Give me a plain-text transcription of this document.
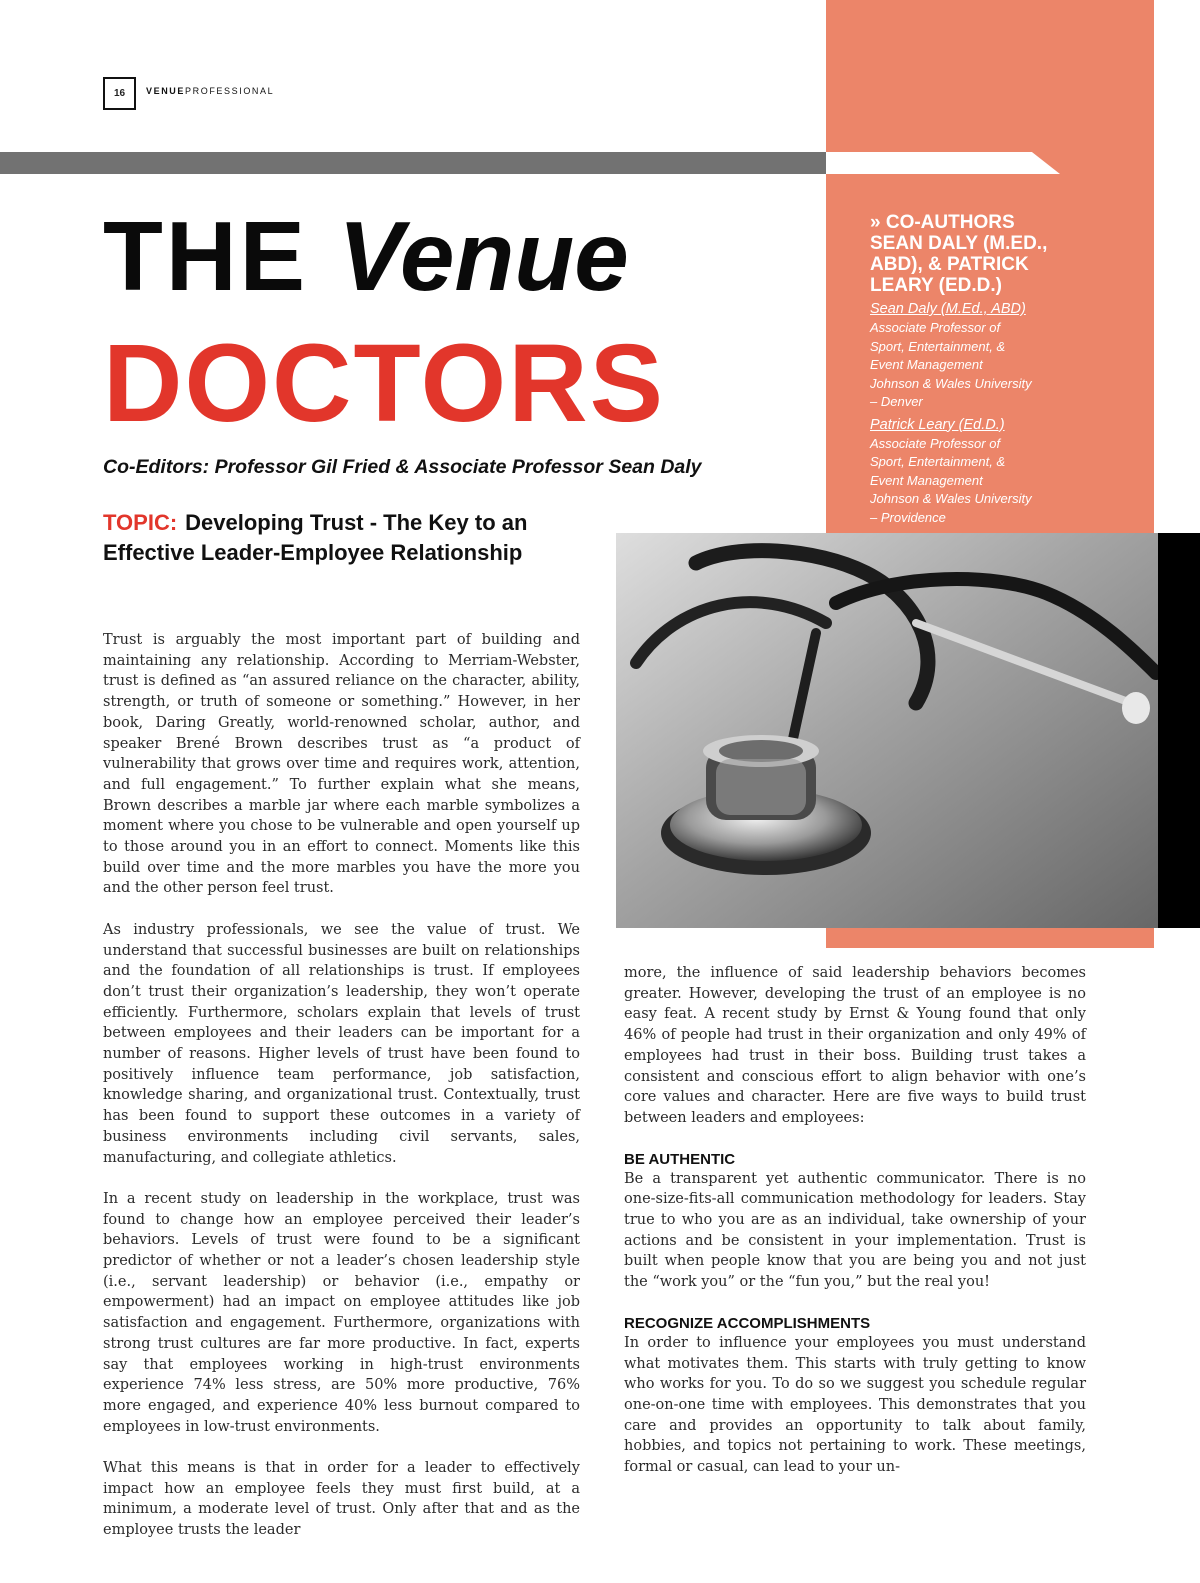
16	VENUEPROFESSIONAL
THE Venue
DOCTORS
Co-Editors: Professor Gil Fried & Associate Professor Sean Daly
TOPIC: Developing Trust - The Key to an Effective Leader-Employee Relationship
» CO-AUTHORS
SEAN DALY (M.ED.,
ABD), & PATRICK
LEARY (ED.D.)
Sean Daly (M.Ed., ABD)
Associate Professor of
Sport, Entertainment, &
Event Management
Johnson & Wales University
– Denver
Patrick Leary (Ed.D.)
Associate Professor of
Sport, Entertainment, &
Event Management
Johnson & Wales University
– Providence

Trust is arguably the most important part of building and maintaining any relationship. According to Merriam-Webster, trust is defined as “an assured reliance on the character, ability, strength, or truth of someone or something.” However, in her book, Daring Greatly, world-renowned scholar, author, and speaker Brené Brown describes trust as “a product of vulnerability that grows over time and requires work, attention, and full engagement.” To further explain what she means, Brown describes a marble jar where each marble symbolizes a moment where you chose to be vulnerable and open yourself up to those around you in an effort to connect. Moments like this build over time and the more marbles you have the more you and the other person feel trust.

As industry professionals, we see the value of trust. We understand that successful businesses are built on relationships and the foundation of all relationships is trust. If employees don’t trust their organization’s leadership, they won’t operate efficiently. Furthermore, scholars explain that levels of trust between employees and their leaders can be important for a number of reasons. Higher levels of trust have been found to positively influence team performance, job satisfaction, knowledge sharing, and organizational trust. Contextually, trust has been found to support these outcomes in a variety of business environments including civil servants, sales, manufacturing, and collegiate athletics.

In a recent study on leadership in the workplace, trust was found to change how an employee perceived their leader’s behaviors. Levels of trust were found to be a significant predictor of whether or not a leader’s chosen leadership style (i.e., servant leadership) or behavior (i.e., empathy or empowerment) had an impact on employee attitudes like job satisfaction and engagement. Furthermore, organizations with strong trust cultures are far more productive. In fact, experts say that employees working in high-trust environments experience 74% less stress, are 50% more productive, 76% more engaged, and experience 40% less burnout compared to employees in low-trust environments.

What this means is that in order for a leader to effectively impact how an employee feels they must first build, at a minimum, a moderate level of trust. Only after that and as the employee trusts the leader

more, the influence of said leadership behaviors becomes greater. However, developing the trust of an employee is no easy feat. A recent study by Ernst & Young found that only 46% of people had trust in their organization and only 49% of employees had trust in their boss. Building trust takes a consistent and conscious effort to align behavior with one’s core values and character. Here are five ways to build trust between leaders and employees:

BE AUTHENTIC

Be a transparent yet authentic communicator. There is no one-size-fits-all communication methodology for leaders. Stay true to who you are as an individual, take ownership of your actions and be consistent in your implementation. Trust is built when people know that you are being you and not just the “work you” or the “fun you,” but the real you!

RECOGNIZE ACCOMPLISHMENTS

In order to influence your employees you must understand what motivates them. This starts with truly getting to know who works for you. To do so we suggest you schedule regular one-on-one time with employees. This demonstrates that you care and provides an opportunity to talk about family, hobbies, and topics not pertaining to work. These meetings, formal or casual, can lead to your un-
